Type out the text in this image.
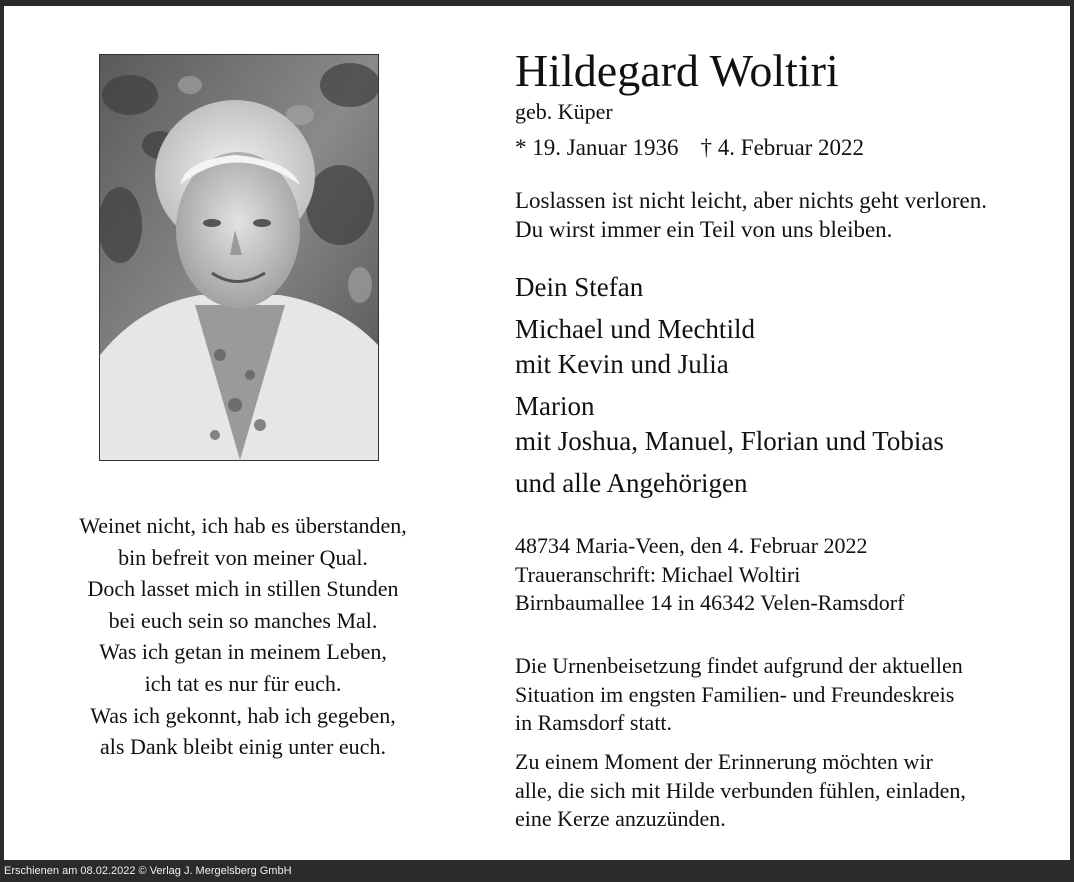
Weinet nicht, ich hab es überstanden,
bin befreit von meiner Qual.
Doch lasset mich in stillen Stunden
bei euch sein so manches Mal.
Was ich getan in meinem Leben,
ich tat es nur für euch.
Was ich gekonnt, hab ich gegeben,
als Dank bleibt einig unter euch.
Hildegard Woltiri
geb. Küper
* 19. Januar 1936 † 4. Februar 2022
Loslassen ist nicht leicht, aber nichts geht verloren.
Du wirst immer ein Teil von uns bleiben.
Dein Stefan
Michael und Mechtild
mit Kevin und Julia
Marion
mit Joshua, Manuel, Florian und Tobias
und alle Angehörigen
48734 Maria-Veen, den 4. Februar 2022
Traueranschrift: Michael Woltiri
Birnbaumallee 14 in 46342 Velen-Ramsdorf
Die Urnenbeisetzung findet aufgrund der aktuellen
Situation im engsten Familien- und Freundeskreis
in Ramsdorf statt.
Zu einem Moment der Erinnerung möchten wir
alle, die sich mit Hilde verbunden fühlen, einladen,
eine Kerze anzuzünden.
Erschienen am 08.02.2022 © Verlag J. Mergelsberg GmbH
